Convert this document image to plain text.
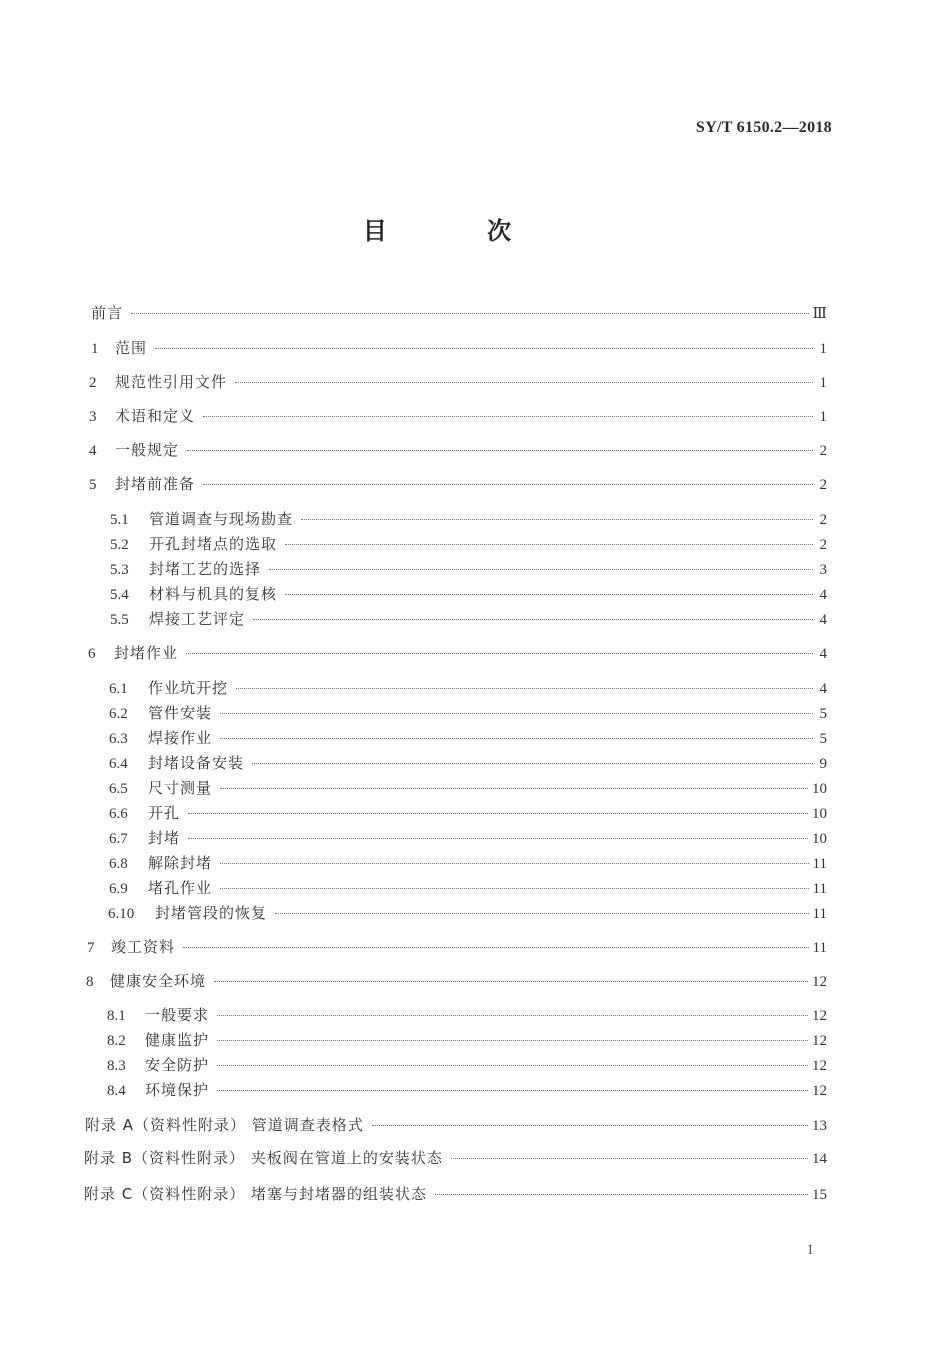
SY/T 6150.2—2018
目 次
前言	Ⅲ
1	范围	1
2	规范性引用文件	1
3	术语和定义	1
4	一般规定	2
5	封堵前准备	2
5.1	管道调查与现场勘查	2
5.2	开孔封堵点的选取	2
5.3	封堵工艺的选择	3
5.4	材料与机具的复核	4
5.5	焊接工艺评定	4
6	封堵作业	4
6.1	作业坑开挖	4
6.2	管件安装	5
6.3	焊接作业	5
6.4	封堵设备安装	9
6.5	尺寸测量	10
6.6	开孔	10
6.7	封堵	10
6.8	解除封堵	11
6.9	堵孔作业	11
6.10	封堵管段的恢复	11
7	竣工资料	11
8	健康安全环境	12
8.1	一般要求	12
8.2	健康监护	12
8.3	安全防护	12
8.4	环境保护	12
附录 A（资料性附录） 管道调查表格式	13
附录 B（资料性附录） 夹板阀在管道上的安装状态	14
附录 C（资料性附录） 堵塞与封堵器的组装状态	15
I
